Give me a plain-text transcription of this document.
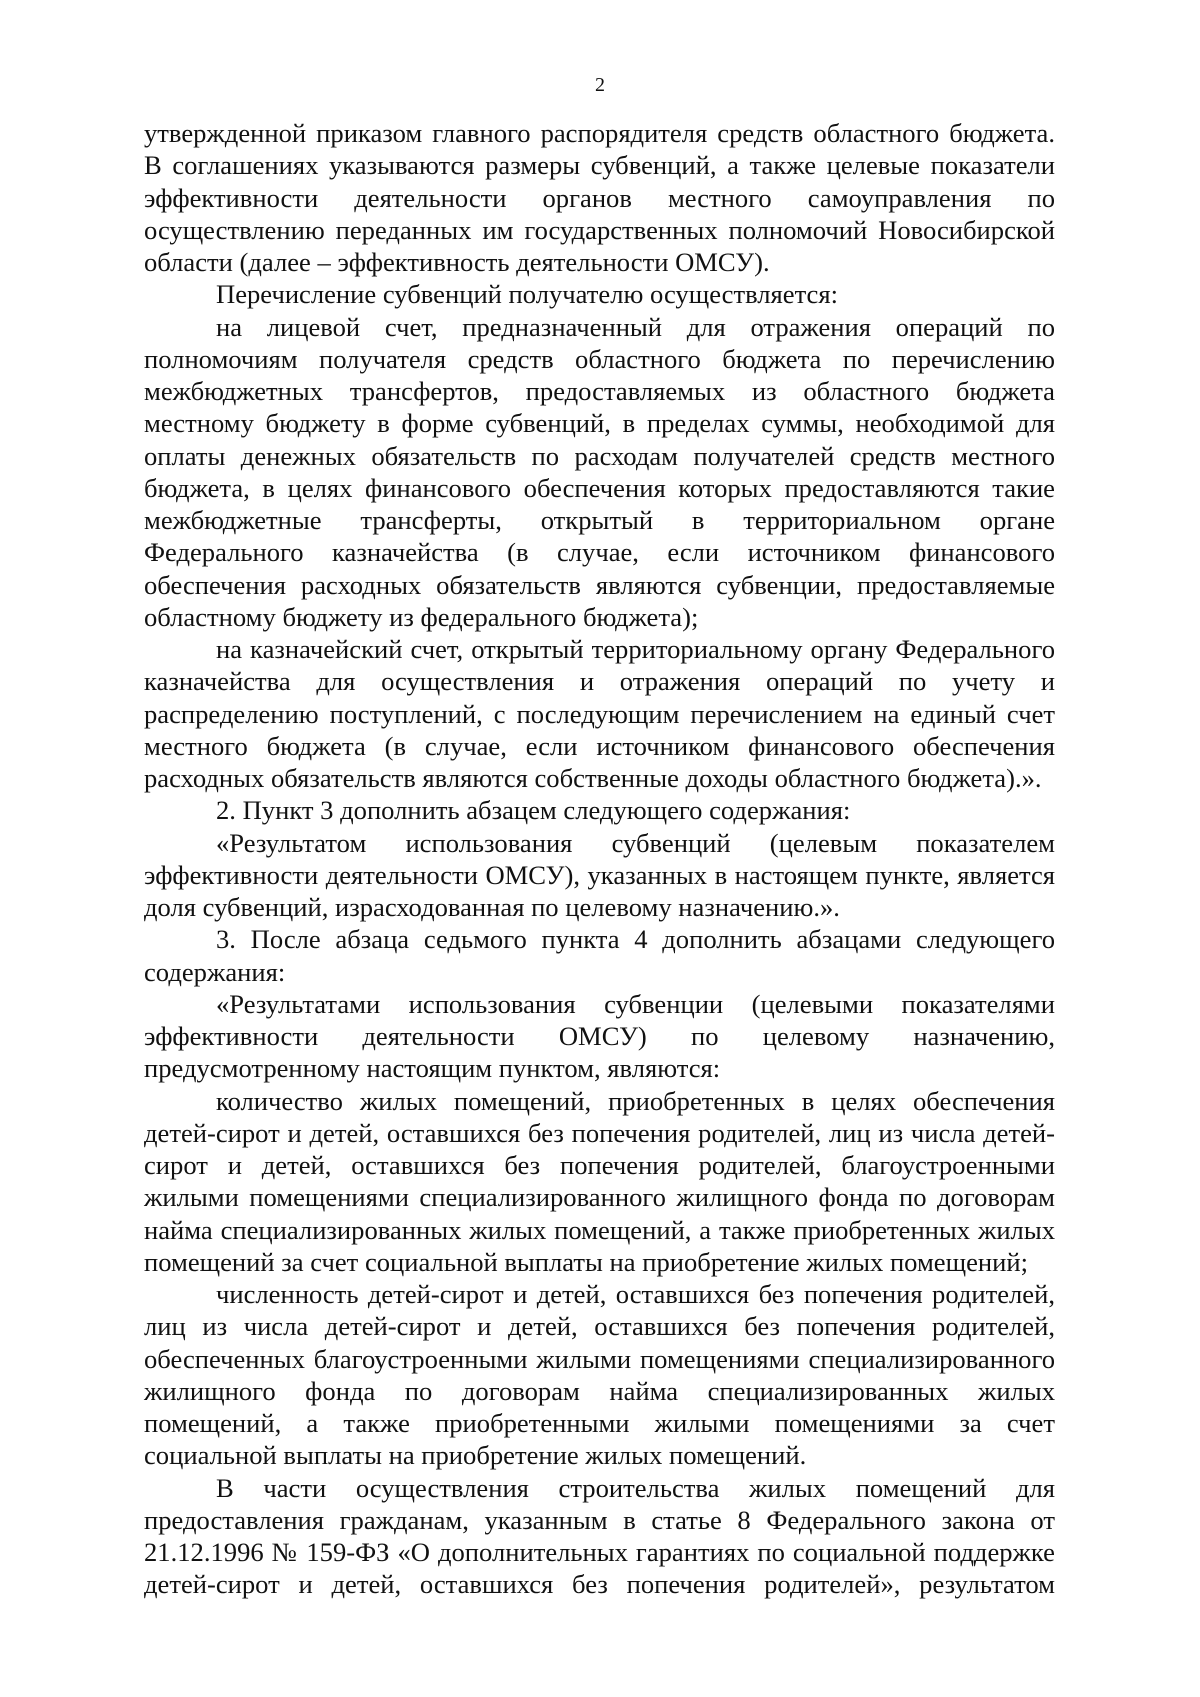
2

утвержденной приказом главного распорядителя средств областного бюджета. В соглашениях указываются размеры субвенций, а также целевые показатели эффективности деятельности органов местного самоуправления по осуществлению переданных им государственных полномочий Новосибирской области (далее – эффективность деятельности ОМСУ).

Перечисление субвенций получателю осуществляется:

на лицевой счет, предназначенный для отражения операций по полномочиям получателя средств областного бюджета по перечислению межбюджетных трансфертов, предоставляемых из областного бюджета местному бюджету в форме субвенций, в пределах суммы, необходимой для оплаты денежных обязательств по расходам получателей средств местного бюджета, в целях финансового обеспечения которых предоставляются такие межбюджетные трансферты, открытый в территориальном органе Федерального казначейства (в случае, если источником финансового обеспечения расходных обязательств являются субвенции, предоставляемые областному бюджету из федерального бюджета);

на казначейский счет, открытый территориальному органу Федерального казначейства для осуществления и отражения операций по учету и распределению поступлений, с последующим перечислением на единый счет местного бюджета (в случае, если источником финансового обеспечения расходных обязательств являются собственные доходы областного бюджета).».

2. Пункт 3 дополнить абзацем следующего содержания:

«Результатом использования субвенций (целевым показателем эффективности деятельности ОМСУ), указанных в настоящем пункте, является доля субвенций, израсходованная по целевому назначению.».

3. После абзаца седьмого пункта 4 дополнить абзацами следующего содержания:

«Результатами использования субвенции (целевыми показателями эффективности деятельности ОМСУ) по целевому назначению, предусмотренному настоящим пунктом, являются:

количество жилых помещений, приобретенных в целях обеспечения детей-сирот и детей, оставшихся без попечения родителей, лиц из числа детей-сирот и детей, оставшихся без попечения родителей, благоустроенными жилыми помещениями специализированного жилищного фонда по договорам найма специализированных жилых помещений, а также приобретенных жилых помещений за счет социальной выплаты на приобретение жилых помещений;

численность детей-сирот и детей, оставшихся без попечения родителей, лиц из числа детей-сирот и детей, оставшихся без попечения родителей, обеспеченных благоустроенными жилыми помещениями специализированного жилищного фонда по договорам найма специализированных жилых помещений, а также приобретенными жилыми помещениями за счет социальной выплаты на приобретение жилых помещений.

В части осуществления строительства жилых помещений для предоставления гражданам, указанным в статье 8 Федерального закона от 21.12.1996 № 159-ФЗ «О дополнительных гарантиях по социальной поддержке детей-сирот и детей, оставшихся без попечения родителей», результатом
